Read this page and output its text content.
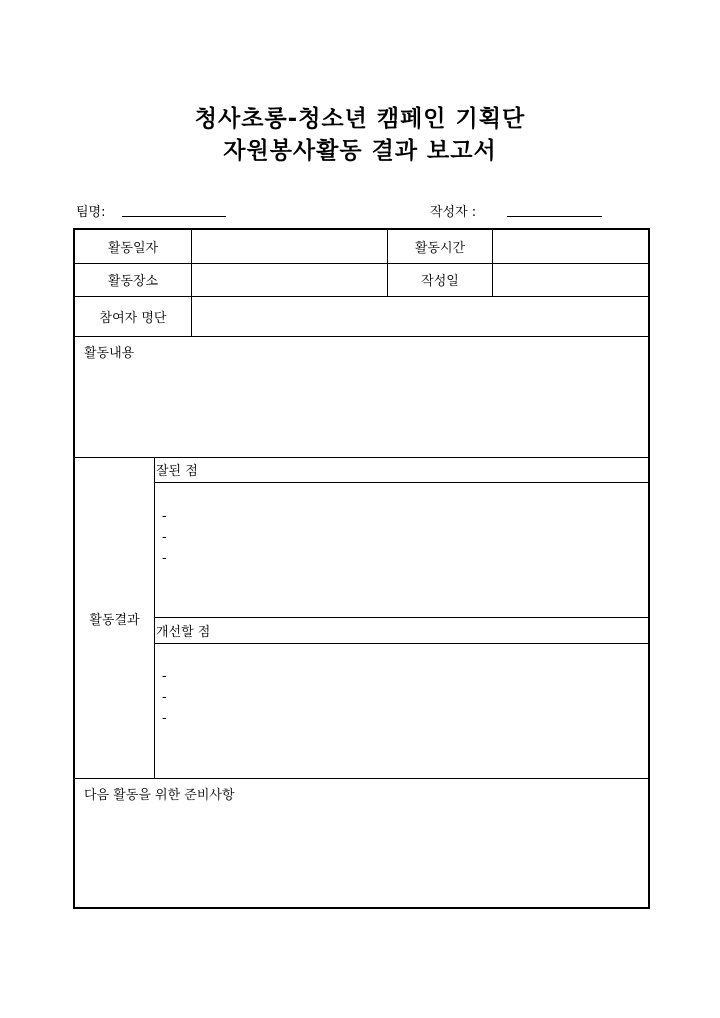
청사초롱-청소년 캠페인 기획단
자원봉사활동 결과 보고서
팀명:	작성자 :
활동일자	활동시간
활동장소	작성일
참여자 명단
활동내용
활동결과
잘된 점
-
-
-
개선할 점
-
-
-
다음 활동을 위한 준비사항
